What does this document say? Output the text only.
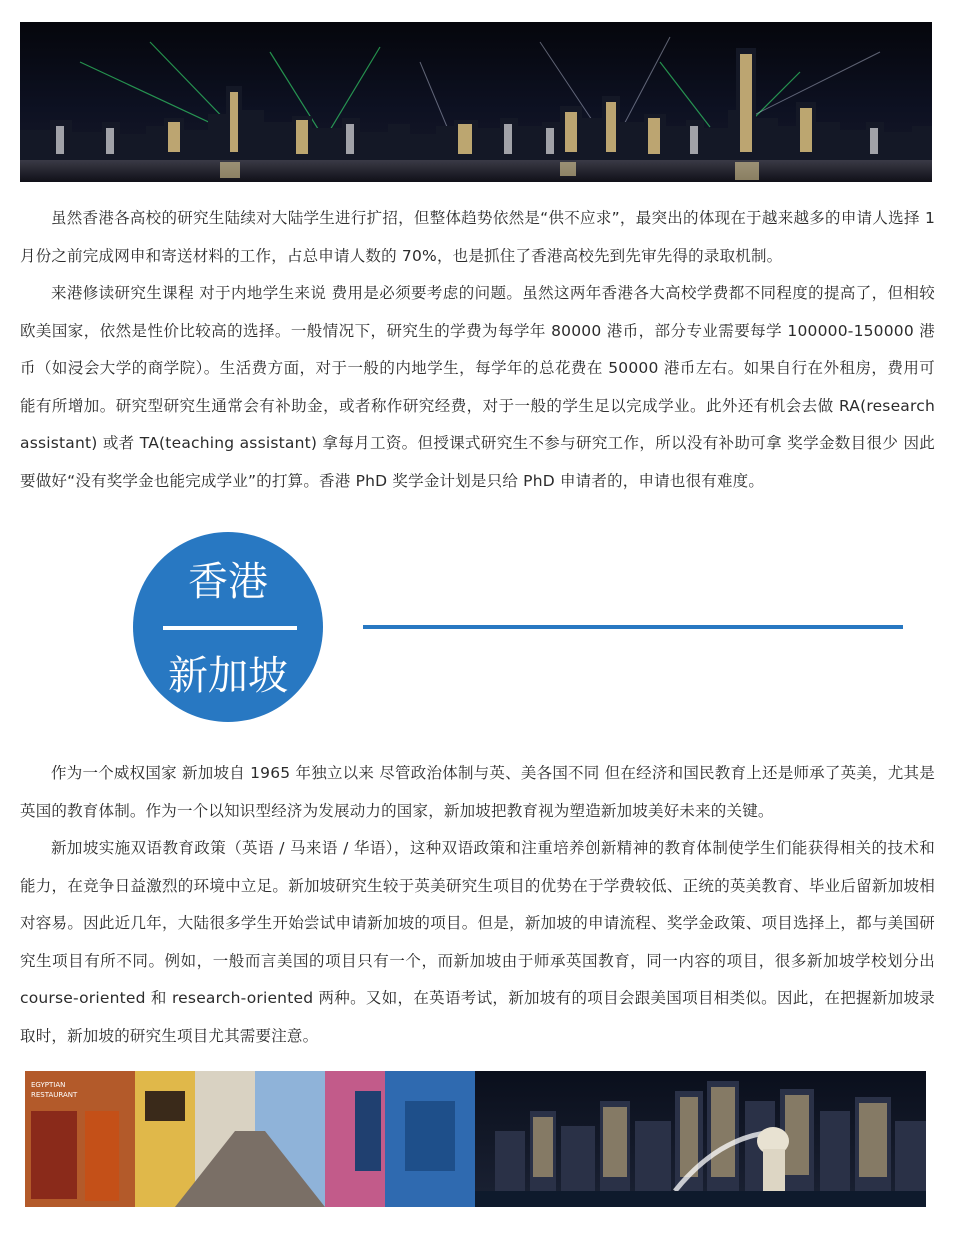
虽然香港各高校的研究生陆续对大陆学生进行扩招，但整体趋势依然是“供不应求”，最突出的体现在于越来越多的申请人选择 1 月份之前完成网申和寄送材料的工作，占总申请人数的 70%，也是抓住了香港高校先到先审先得的录取机制。

来港修读研究生课程 对于内地学生来说 费用是必须要考虑的问题。虽然这两年香港各大高校学费都不同程度的提高了，但相较欧美国家，依然是性价比较高的选择。一般情况下，研究生的学费为每学年 80000 港币，部分专业需要每学 100000-150000 港币（如浸会大学的商学院）。生活费方面，对于一般的内地学生，每学年的总花费在 50000 港币左右。如果自行在外租房，费用可能有所增加。研究型研究生通常会有补助金，或者称作研究经费，对于一般的学生足以完成学业。此外还有机会去做 RA(research assistant) 或者 TA(teaching assistant) 拿每月工资。但授课式研究生不参与研究工作，所以没有补助可拿 奖学金数目很少 因此要做好“没有奖学金也能完成学业”的打算。香港 PhD 奖学金计划是只给 PhD 申请者的，申请也很有难度。

香港
新加坡

作为一个威权国家 新加坡自 1965 年独立以来 尽管政治体制与英、美各国不同 但在经济和国民教育上还是师承了英美，尤其是英国的教育体制。作为一个以知识型经济为发展动力的国家，新加坡把教育视为塑造新加坡美好未来的关键。

新加坡实施双语教育政策（英语 / 马来语 / 华语），这种双语政策和注重培养创新精神的教育体制使学生们能获得相关的技术和能力，在竞争日益激烈的环境中立足。新加坡研究生较于英美研究生项目的优势在于学费较低、正统的英美教育、毕业后留新加坡相对容易。因此近几年，大陆很多学生开始尝试申请新加坡的项目。但是，新加坡的申请流程、奖学金政策、项目选择上，都与美国研究生项目有所不同。例如，一般而言美国的项目只有一个，而新加坡由于师承英国教育，同一内容的项目，很多新加坡学校划分出 course-oriented 和 research-oriented 两种。又如，在英语考试，新加坡有的项目会跟美国项目相类似。因此，在把握新加坡录取时，新加坡的研究生项目尤其需要注意。

EGYPTIAN
RESTAURANT
